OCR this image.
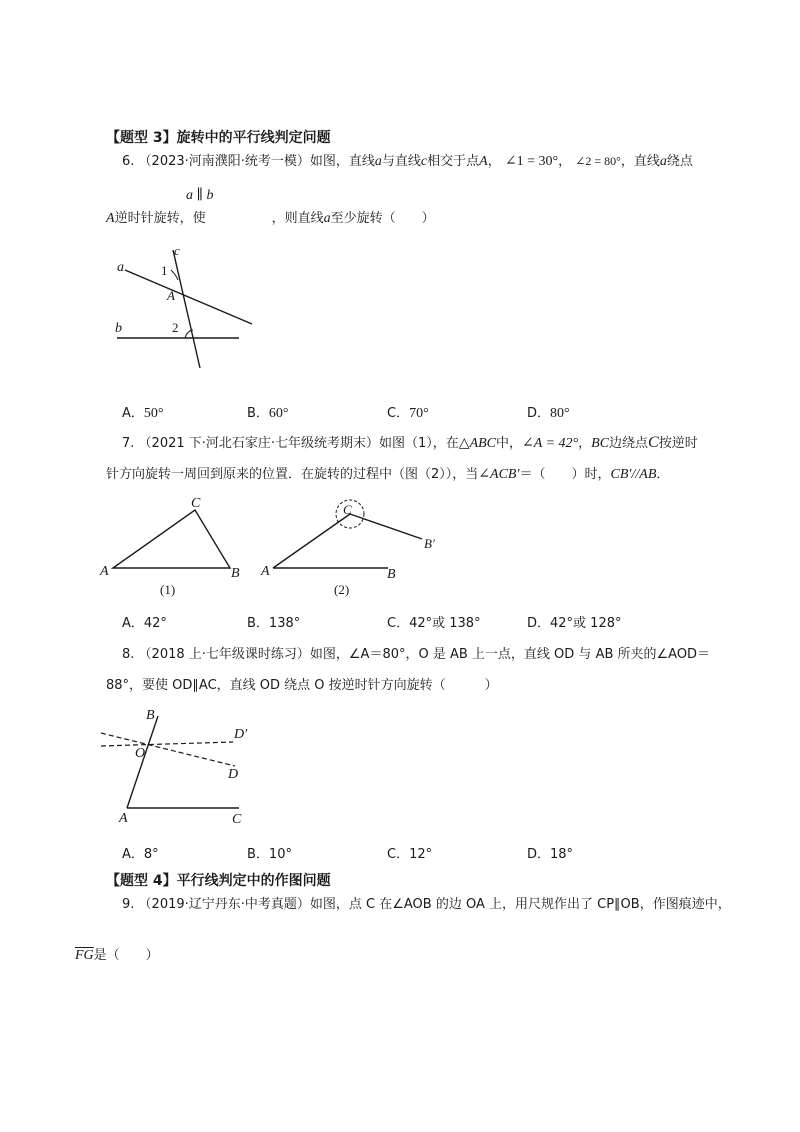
【题型 3】旋转中的平行线判定问题
6. （2023·河南濮阳·统考一模）如图，直线a与直线c相交于点A， ∠1 = 30°， ∠2 = 80°，直线a绕点
A逆时针旋转，使	，则直线a至少旋转（　　）
a ∥ b
a
c
1
A
b	2
A．50°	B．60°	C．70°	D．80°
7. （2021 下·河北石家庄·七年级统考期末）如图（1），在△ABC中，∠A = 42°，BC边绕点C按逆时
针方向旋转一周回到原来的位置．在旋转的过程中（图（2）），当∠ACB′＝（　　）时，CB′//AB．
C
A	B
(1)
C
B′
A	B
(2)
A．42°	B．138°	C．42°或 138°	D．42°或 128°
8. （2018 上·七年级课时练习）如图，∠A＝80°，O 是 AB 上一点，直线 OD 与 AB 所夹的∠AOD＝
88°，要使 OD∥AC，直线 OD 绕点 O 按逆时针方向旋转（　　　）
B
D′
O
D
A	C
A．8°	B．10°	C．12°	D．18°
【题型 4】平行线判定中的作图问题
9. （2019·辽宁丹东·中考真题）如图，点 C 在∠AOB 的边 OA 上，用尺规作出了 CP∥OB，作图痕迹中，
$\overline{FG}$是（　　）
